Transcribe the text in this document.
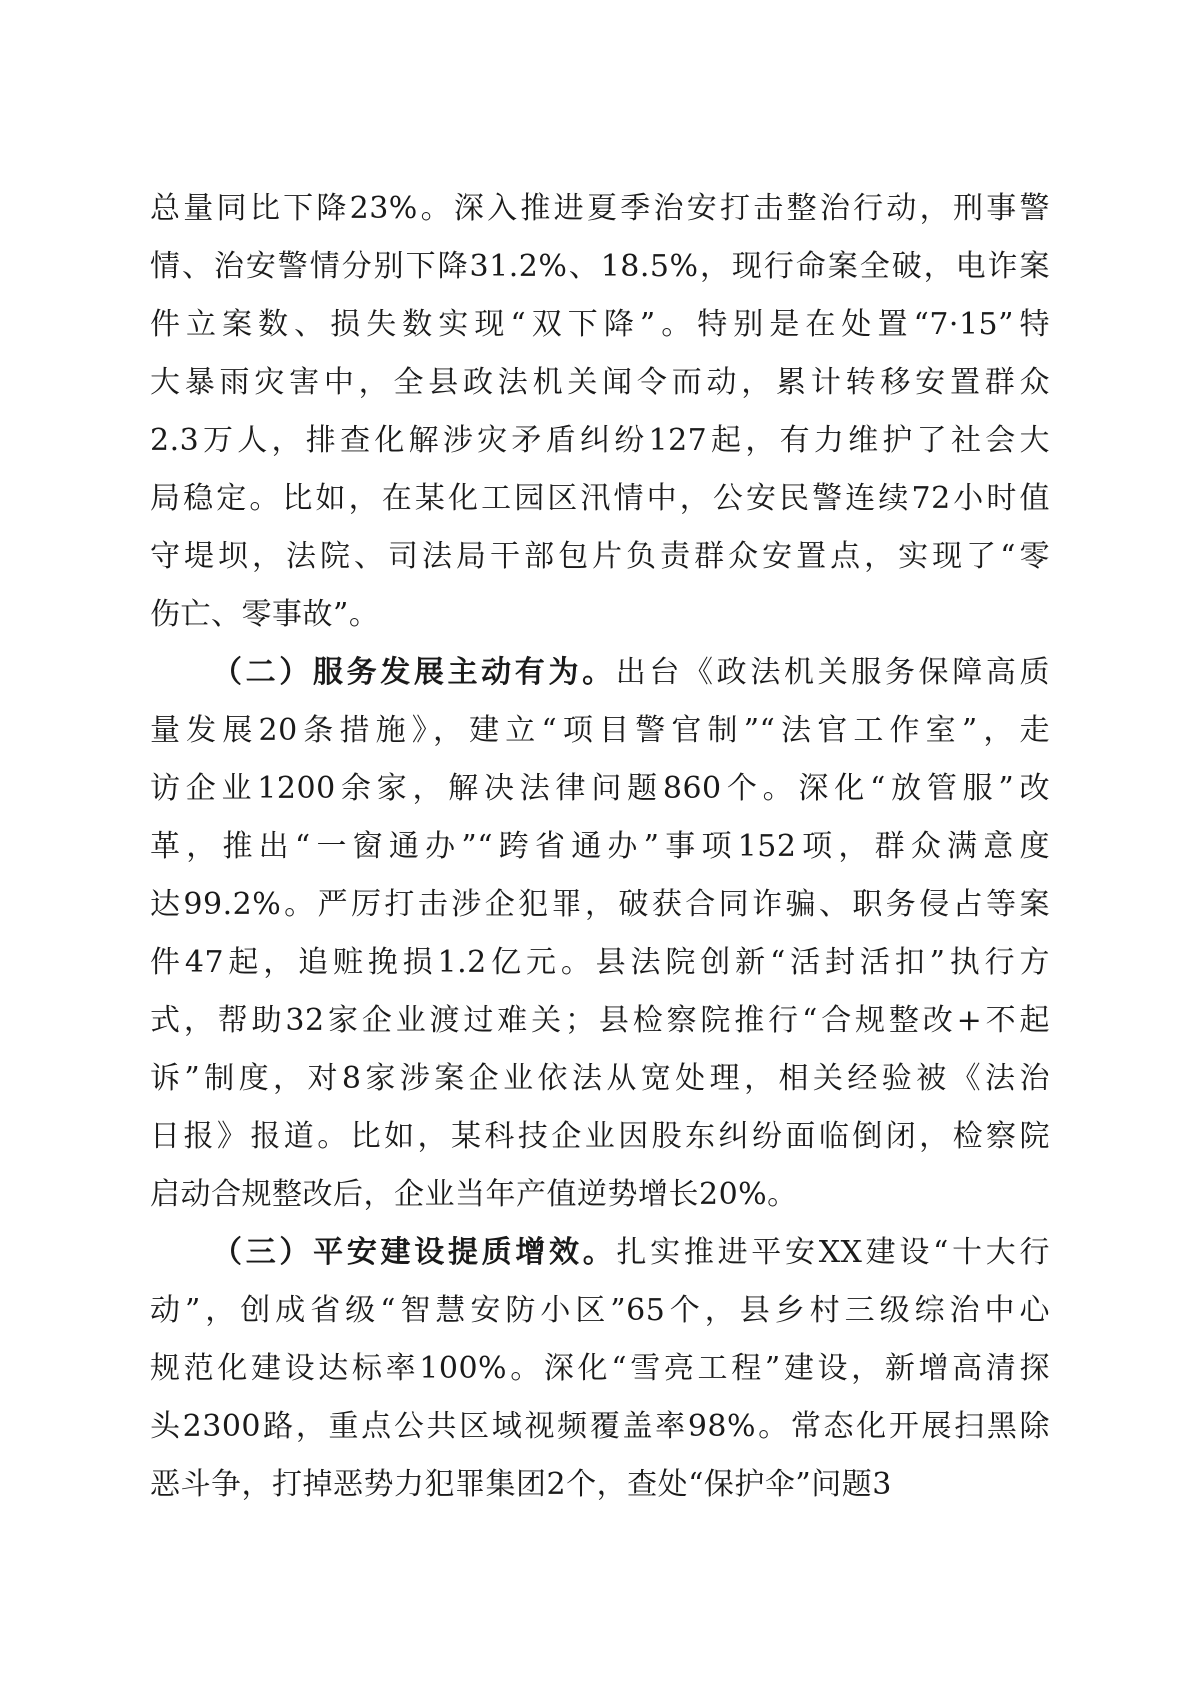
总量同比下降23%。深入推进夏季治安打击整治行动，刑事警
情、治安警情分别下降31.2%、18.5%，现行命案全破，电诈案
件立案数、损失数实现“双下降”。特别是在处置“7·15”特
大暴雨灾害中，全县政法机关闻令而动，累计转移安置群众
2.3万人，排查化解涉灾矛盾纠纷127起，有力维护了社会大
局稳定。比如，在某化工园区汛情中，公安民警连续72小时值
守堤坝，法院、司法局干部包片负责群众安置点，实现了“零
伤亡、零事故”。
（二）服务发展主动有为。出台《政法机关服务保障高质
量发展20条措施》，建立“项目警官制”“法官工作室”，走
访企业1200余家，解决法律问题860个。深化“放管服”改
革，推出“一窗通办”“跨省通办”事项152项，群众满意度
达99.2%。严厉打击涉企犯罪，破获合同诈骗、职务侵占等案
件47起，追赃挽损1.2亿元。县法院创新“活封活扣”执行方
式，帮助32家企业渡过难关；县检察院推行“合规整改+不起
诉”制度，对8家涉案企业依法从宽处理，相关经验被《法治
日报》报道。比如，某科技企业因股东纠纷面临倒闭，检察院
启动合规整改后，企业当年产值逆势增长20%。
（三）平安建设提质增效。扎实推进平安XX建设“十大行
动”，创成省级“智慧安防小区”65个，县乡村三级综治中心
规范化建设达标率100%。深化“雪亮工程”建设，新增高清探
头2300路，重点公共区域视频覆盖率98%。常态化开展扫黑除
恶斗争，打掉恶势力犯罪集团2个，查处“保护伞”问题3
